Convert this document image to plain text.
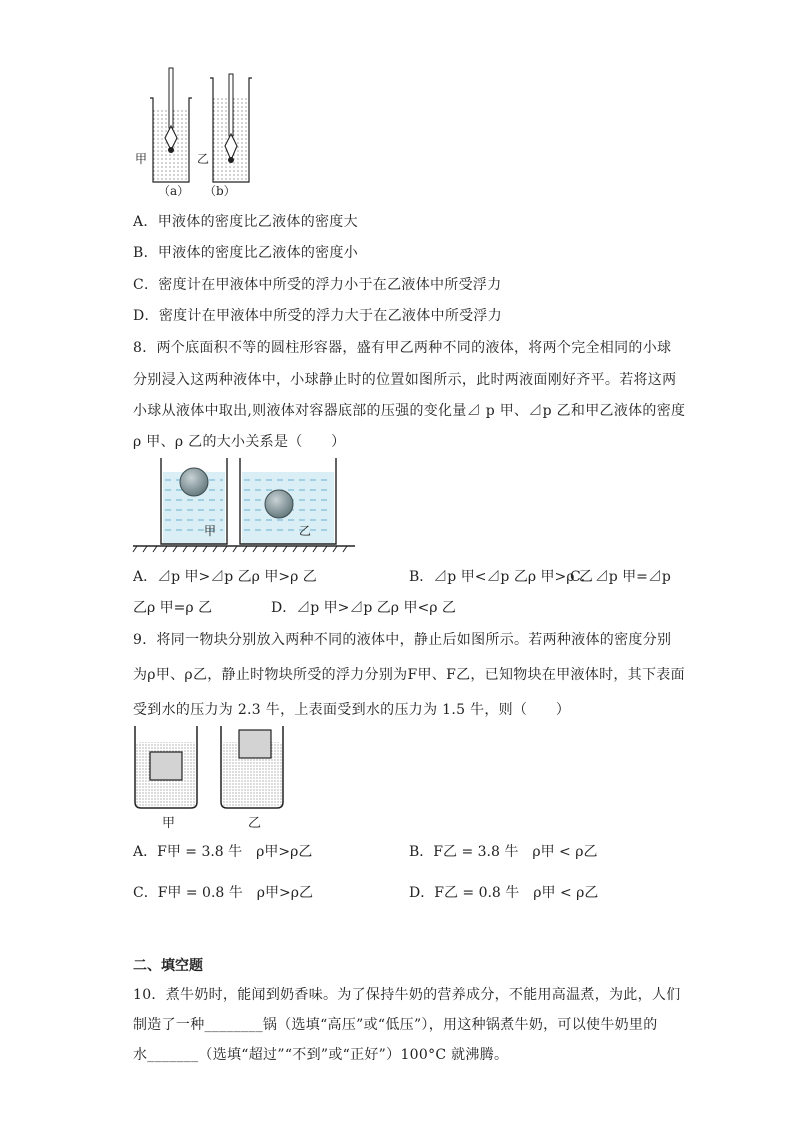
甲	乙
（a） （b）
A．甲液体的密度比乙液体的密度大
B．甲液体的密度比乙液体的密度小
C．密度计在甲液体中所受的浮力小于在乙液体中所受浮力
D．密度计在甲液体中所受的浮力大于在乙液体中所受浮力
8．两个底面积不等的圆柱形容器，盛有甲乙两种不同的液体，将两个完全相同的小球
分别浸入这两种液体中，小球静止时的位置如图所示，此时两液面刚好齐平。若将这两
小球从液体中取出,则液体对容器底部的压强的变化量⊿ p 甲、⊿p 乙和甲乙液体的密度
ρ 甲、ρ 乙的大小关系是（　　）
甲	乙
A．⊿p 甲>⊿p 乙ρ 甲>ρ 乙	B．⊿p 甲<⊿p 乙ρ 甲>ρ 乙
C．⊿p 甲=⊿p
乙ρ 甲=ρ 乙	D．⊿p 甲>⊿p 乙ρ 甲<ρ 乙
9．将同一物块分别放入两种不同的液体中，静止后如图所示。若两种液体的密度分别
为ρ甲、ρ乙，静止时物块所受的浮力分别为F甲、F乙，已知物块在甲液体时，其下表面
受到水的压力为 2.3 牛，上表面受到水的压力为 1.5 牛，则（　　）
甲	乙
A．F甲 = 3.8 牛　ρ甲>ρ乙	B．F乙 = 3.8 牛　ρ甲 < ρ乙
C．F甲 = 0.8 牛　ρ甲>ρ乙	D．F乙 = 0.8 牛　ρ甲 < ρ乙
二、填空题
10．煮牛奶时，能闻到奶香味。为了保持牛奶的营养成分，不能用高温煮，为此，人们
制造了一种________锅（选填“高压”或“低压”），用这种锅煮牛奶，可以使牛奶里的
水_______（选填“超过”“不到”或“正好”）100°C 就沸腾。
